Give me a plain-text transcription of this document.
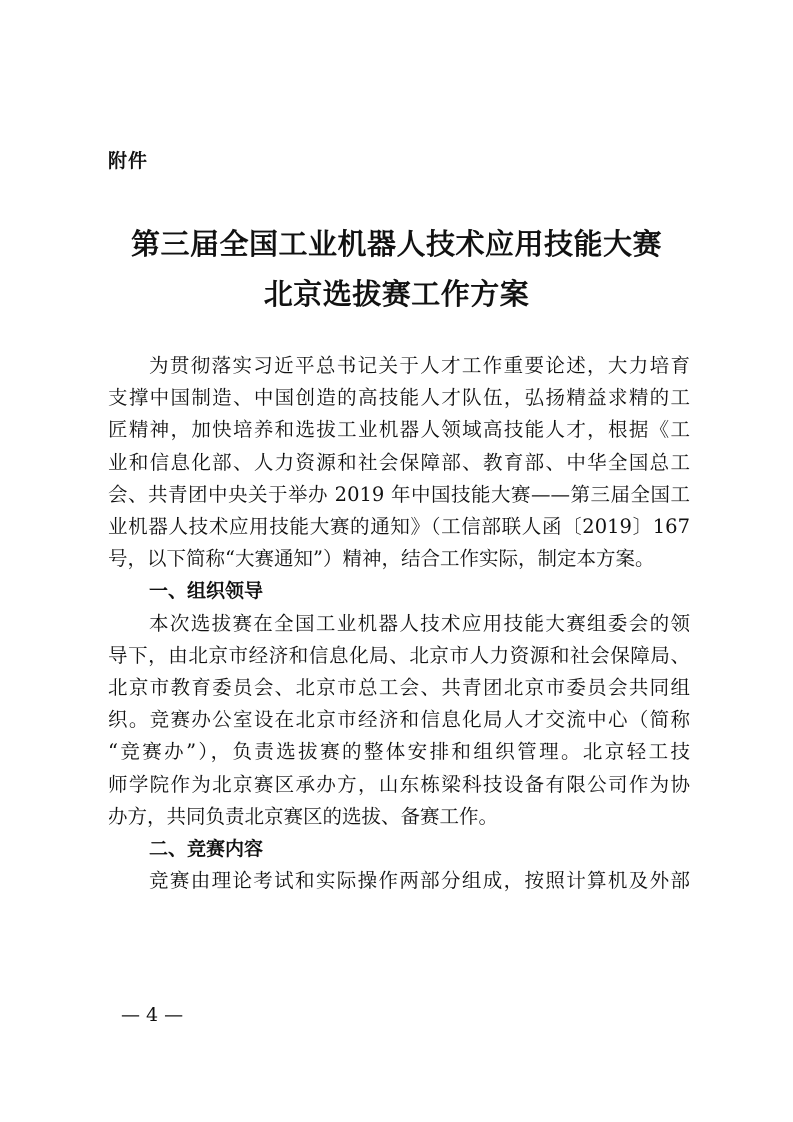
附件
第三届全国工业机器人技术应用技能大赛
北京选拔赛工作方案
为贯彻落实习近平总书记关于人才工作重要论述，大力培育
支撑中国制造、中国创造的高技能人才队伍，弘扬精益求精的工
匠精神，加快培养和选拔工业机器人领域高技能人才，根据《工
业和信息化部、人力资源和社会保障部、教育部、中华全国总工
会、共青团中央关于举办 2019 年中国技能大赛——第三届全国工
业机器人技术应用技能大赛的通知》（工信部联人函〔2019〕167
号，以下简称“大赛通知”）精神，结合工作实际，制定本方案。
一、组织领导
本次选拔赛在全国工业机器人技术应用技能大赛组委会的领
导下，由北京市经济和信息化局、北京市人力资源和社会保障局、
北京市教育委员会、北京市总工会、共青团北京市委员会共同组
织。竞赛办公室设在北京市经济和信息化局人才交流中心（简称
“竞赛办”），负责选拔赛的整体安排和组织管理。北京轻工技
师学院作为北京赛区承办方，山东栋梁科技设备有限公司作为协
办方，共同负责北京赛区的选拔、备赛工作。
二、竞赛内容
竞赛由理论考试和实际操作两部分组成，按照计算机及外部
— 4 —
